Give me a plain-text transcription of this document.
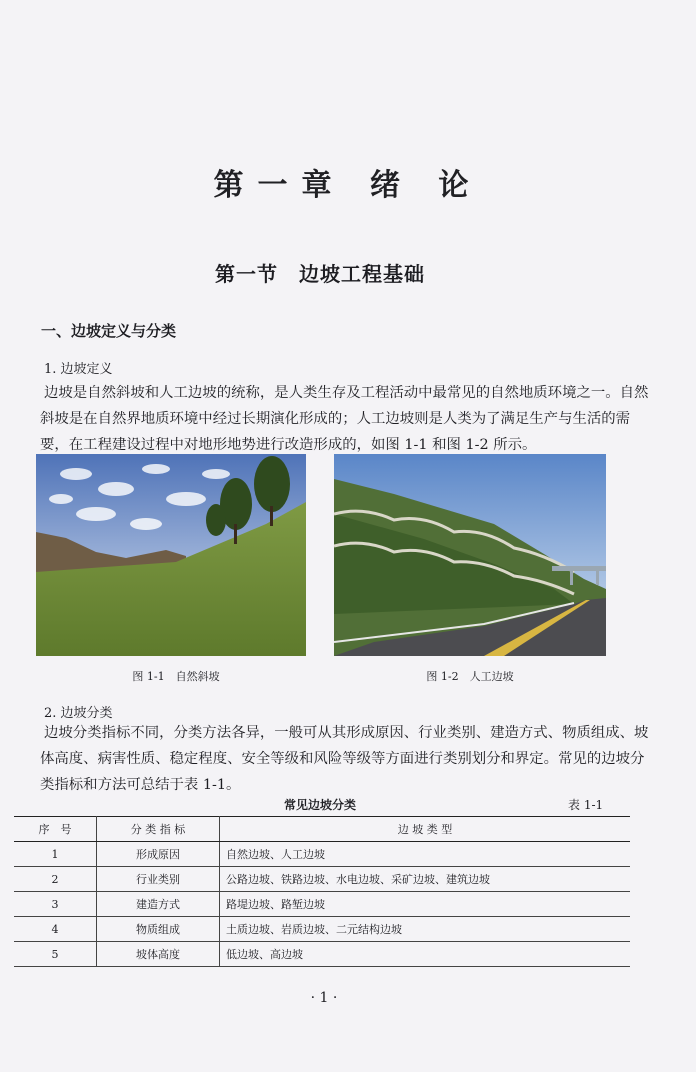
第一章 绪 论
第一节　边坡工程基础
一、边坡定义与分类
1. 边坡定义
边坡是自然斜坡和人工边坡的统称，是人类生存及工程活动中最常见的自然地质环境之一。自然斜坡是在自然界地质环境中经过长期演化形成的；人工边坡则是人类为了满足生产与生活的需要，在工程建设过程中对地形地势进行改造形成的，如图 1-1 和图 1-2 所示。
图 1-1　自然斜坡	图 1-2　人工边坡
2. 边坡分类
边坡分类指标不同，分类方法各异，一般可从其形成原因、行业类别、建造方式、物质组成、坡体高度、病害性质、稳定程度、安全等级和风险等级等方面进行类别划分和界定。常见的边坡分类指标和方法可总结于表 1-1。
常见边坡分类	表 1-1
序　号	分 类 指 标	边 坡 类 型
1	形成原因	自然边坡、人工边坡
2	行业类别	公路边坡、铁路边坡、水电边坡、采矿边坡、建筑边坡
3	建造方式	路堤边坡、路堑边坡
4	物质组成	土质边坡、岩质边坡、二元结构边坡
5	坡体高度	低边坡、高边坡
· 1 ·
